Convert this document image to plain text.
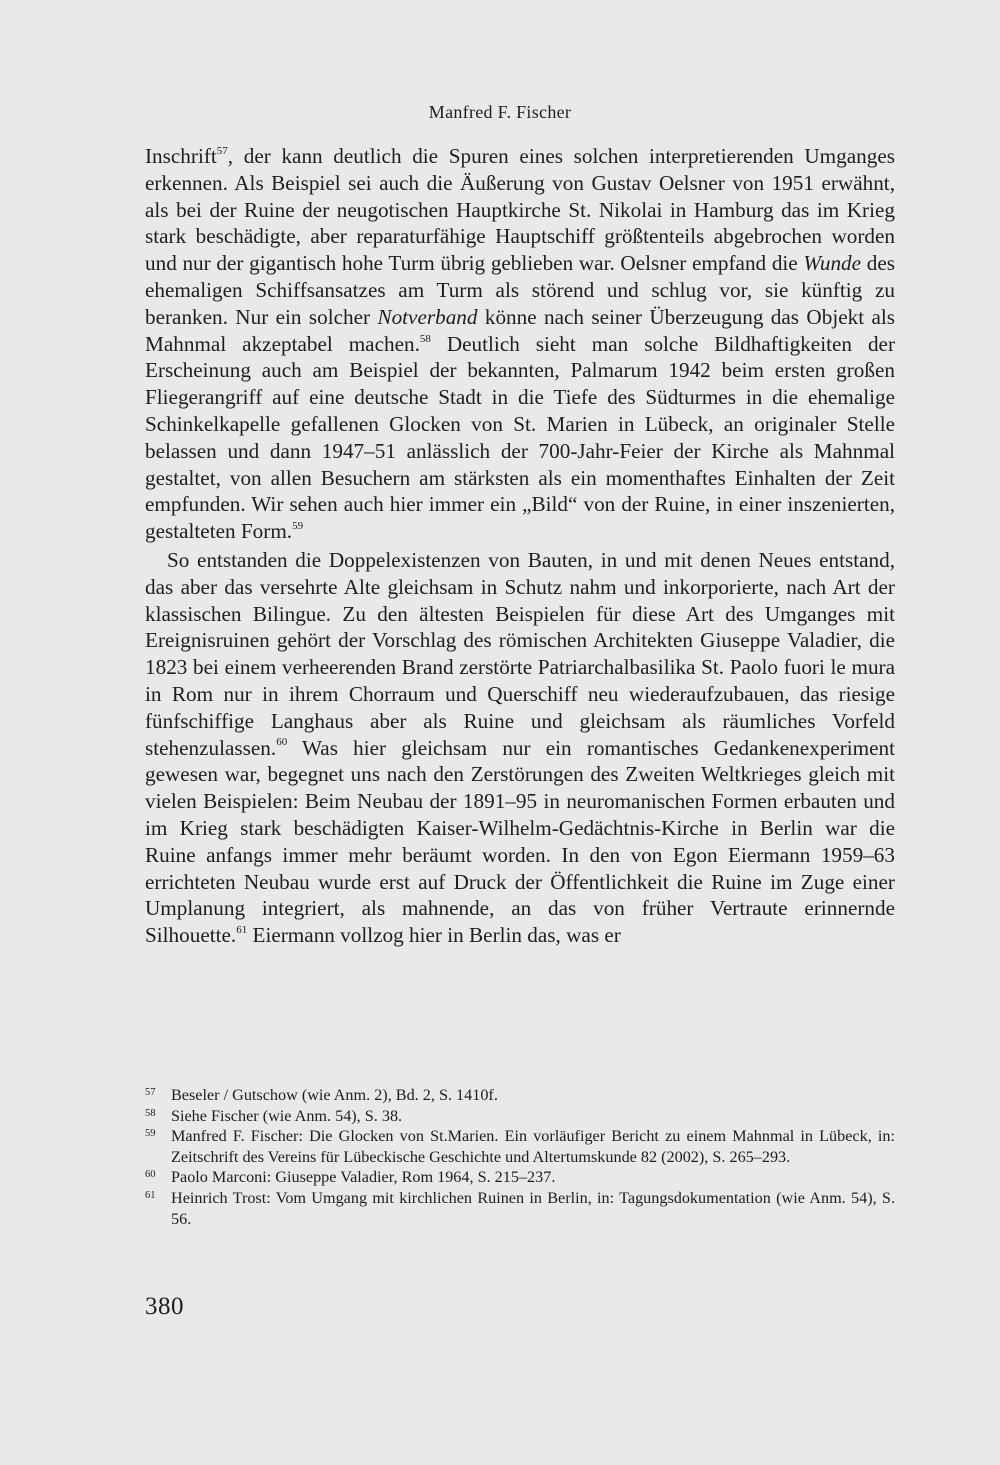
Manfred F. Fischer

Inschrift$^{57}$, der kann deutlich die Spuren eines solchen interpretierenden Umganges erkennen. Als Beispiel sei auch die Äußerung von Gustav Oelsner von 1951 erwähnt, als bei der Ruine der neugotischen Hauptkirche St. Nikolai in Hamburg das im Krieg stark beschädigte, aber reparaturfähige Hauptschiff größtenteils abgebrochen worden und nur der gigantisch hohe Turm übrig geblieben war. Oelsner empfand die Wunde des ehemaligen Schiffsansatzes am Turm als störend und schlug vor, sie künftig zu beranken. Nur ein solcher Notverband könne nach seiner Überzeugung das Objekt als Mahnmal akzeptabel machen.$^{58}$ Deutlich sieht man solche Bildhaftigkeiten der Erscheinung auch am Beispiel der bekannten, Palmarum 1942 beim ersten großen Fliegerangriff auf eine deutsche Stadt in die Tiefe des Südturmes in die ehemalige Schinkelkapelle gefallenen Glocken von St. Marien in Lübeck, an originaler Stelle belassen und dann 1947–51 anlässlich der 700-Jahr-Feier der Kirche als Mahnmal gestaltet, von allen Besuchern am stärksten als ein momenthaftes Einhalten der Zeit empfunden. Wir sehen auch hier immer ein „Bild“ von der Ruine, in einer inszenierten, gestalteten Form.$^{59}$

So entstanden die Doppelexistenzen von Bauten, in und mit denen Neues entstand, das aber das versehrte Alte gleichsam in Schutz nahm und inkorporierte, nach Art der klassischen Bilingue. Zu den ältesten Beispielen für diese Art des Umganges mit Ereignisruinen gehört der Vorschlag des römischen Architekten Giuseppe Valadier, die 1823 bei einem verheerenden Brand zerstörte Patriarchalbasilika St. Paolo fuori le mura in Rom nur in ihrem Chorraum und Querschiff neu wiederaufzubauen, das riesige fünfschiffige Langhaus aber als Ruine und gleichsam als räumliches Vorfeld stehenzulassen.$^{60}$ Was hier gleichsam nur ein romantisches Gedankenexperiment gewesen war, begegnet uns nach den Zerstörungen des Zweiten Weltkrieges gleich mit vielen Beispielen: Beim Neubau der 1891–95 in neuromanischen Formen erbauten und im Krieg stark beschädigten Kaiser-Wilhelm-Gedächtnis-Kirche in Berlin war die Ruine anfangs immer mehr beräumt worden. In den von Egon Eiermann 1959–63 errichteten Neubau wurde erst auf Druck der Öffentlichkeit die Ruine im Zuge einer Umplanung integriert, als mahnende, an das von früher Vertraute erinnernde Silhouette.$^{61}$ Eiermann vollzog hier in Berlin das, was er

57 Beseler / Gutschow (wie Anm. 2), Bd. 2, S. 1410f.
58 Siehe Fischer (wie Anm. 54), S. 38.
59 Manfred F. Fischer: Die Glocken von St.Marien. Ein vorläufiger Bericht zu einem Mahnmal in Lübeck, in: Zeitschrift des Vereins für Lübeckische Geschichte und Altertumskunde 82 (2002), S. 265–293.
60 Paolo Marconi: Giuseppe Valadier, Rom 1964, S. 215–237.
61 Heinrich Trost: Vom Umgang mit kirchlichen Ruinen in Berlin, in: Tagungsdokumentation (wie Anm. 54), S. 56.
380
